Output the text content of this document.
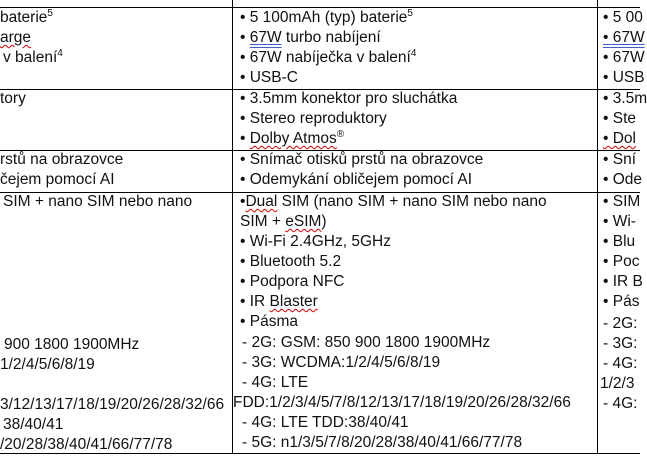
baterie$^5$
arge
v balení$^4$
tory
rstů na obrazovce
čejem pomocí AI
SIM + nano SIM nebo nano
900 1800 1900MHz
1/2/4/5/6/8/19
3/12/13/17/18/19/20/26/28/32/66
38/40/41
/20/28/38/40/41/66/77/78
• 5 100mAh (typ) baterie$^5$
• 67W turbo nabíjení
• 67W nabíječka v balení$^4$
• USB-C
• 3.5mm konektor pro sluchátka
• Stereo reproduktory
• Dolby Atmos®
• Snímač otisků prstů na obrazovce
• Odemykání obličejem pomocí AI
•Dual SIM (nano SIM + nano SIM nebo nano
SIM + eSIM)
• Wi-Fi 2.4GHz, 5GHz
• Bluetooth 5.2
• Podpora NFC
• IR Blaster
• Pásma
- 2G: GSM: 850 900 1800 1900MHz
- 3G: WCDMA:1/2/4/5/6/8/19
- 4G: LTE
FDD:1/2/3/4/5/7/8/12/13/17/18/19/20/26/28/32/66
- 4G: LTE TDD:38/40/41
- 5G: n1/3/5/7/8/20/28/38/40/41/66/77/78
• 5 00
• 67W
• 67W
• USB
• 3.5m
• Ste
• Dol
• Sní
• Ode
• SIM
• Wi-
• Blu
• Poc
• IR B
• Pás
- 2G:
- 3G:
- 4G:
1/2/3
- 4G:
